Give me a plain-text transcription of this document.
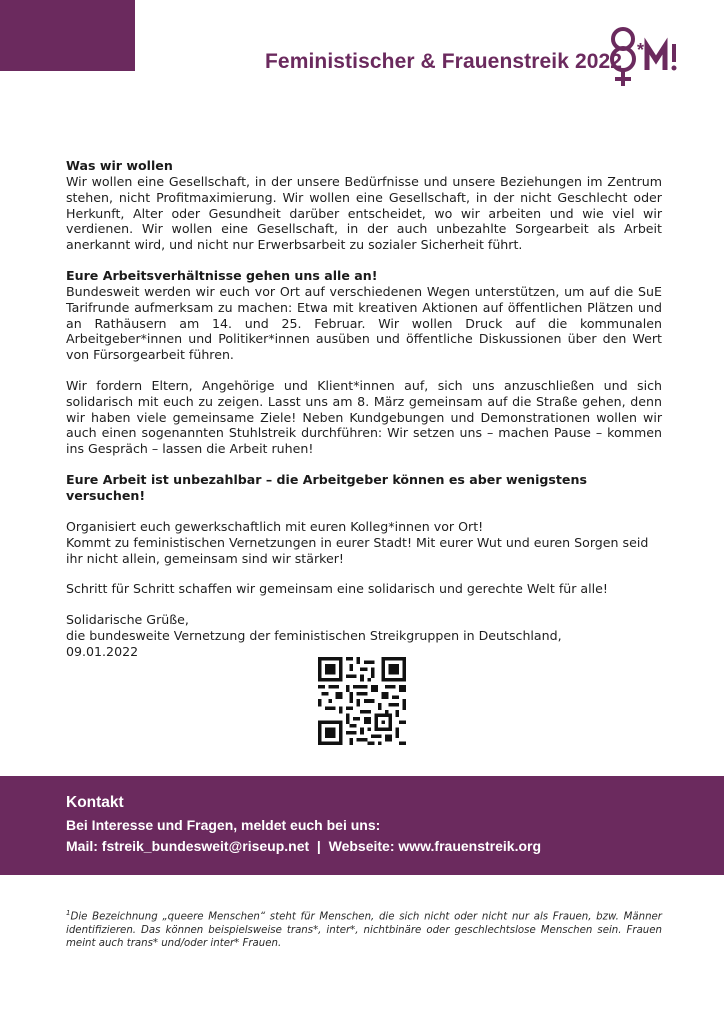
Feministischer & Frauenstreik 2022 *
Was wir wollen

Wir wollen eine Gesellschaft, in der unsere Bedürfnisse und unsere Beziehungen im Zentrum stehen, nicht Profitmaximierung. Wir wollen eine Gesellschaft, in der nicht Geschlecht oder Herkunft, Alter oder Gesundheit darüber entscheidet, wo wir arbeiten und wie viel wir verdienen. Wir wollen eine Gesellschaft, in der auch unbezahlte Sorgearbeit als Arbeit anerkannt wird, und nicht nur Erwerbsarbeit zu sozialer Sicherheit führt.

Eure Arbeitsverhältnisse gehen uns alle an!

Bundesweit werden wir euch vor Ort auf verschiedenen Wegen unterstützen, um auf die SuE Tarifrunde aufmerksam zu machen: Etwa mit kreativen Aktionen auf öffentlichen Plätzen und an Rathäusern am 14. und 25. Februar. Wir wollen Druck auf die kommunalen Arbeitgeber*innen und Politiker*innen ausüben und öffentliche Diskussionen über den Wert von Fürsorgearbeit führen.

Wir fordern Eltern, Angehörige und Klient*innen auf, sich uns anzuschließen und sich solidarisch mit euch zu zeigen. Lasst uns am 8. März gemeinsam auf die Straße gehen, denn wir haben viele gemeinsame Ziele! Neben Kundgebungen und Demonstrationen wollen wir auch einen sogenannten Stuhlstreik durchführen: Wir setzen uns – machen Pause – kommen ins Gespräch – lassen die Arbeit ruhen!

Eure Arbeit ist unbezahlbar – die Arbeitgeber können es aber wenigstens versuchen!

Organisiert euch gewerkschaftlich mit euren Kolleg*innen vor Ort!
Kommt zu feministischen Vernetzungen in eurer Stadt! Mit eurer Wut und euren Sorgen seid ihr nicht allein, gemeinsam sind wir stärker!

Schritt für Schritt schaffen wir gemeinsam eine solidarisch und gerechte Welt für alle!

Solidarische Grüße,

die bundesweite Vernetzung der feministischen Streikgruppen in Deutschland,

09.01.2022

Kontakt
Bei Interesse und Fragen, meldet euch bei uns:
Mail: fstreik_bundesweit@riseup.net  |  Webseite: www.frauenstreik.org
$^1$Die Bezeichnung „queere Menschen“ steht für Menschen, die sich nicht oder nicht nur als Frauen, bzw. Männer identifizieren. Das können beispielsweise trans*, inter*, nichtbinäre oder geschlechtslose Menschen sein. Frauen meint auch trans* und/oder inter* Frauen.
